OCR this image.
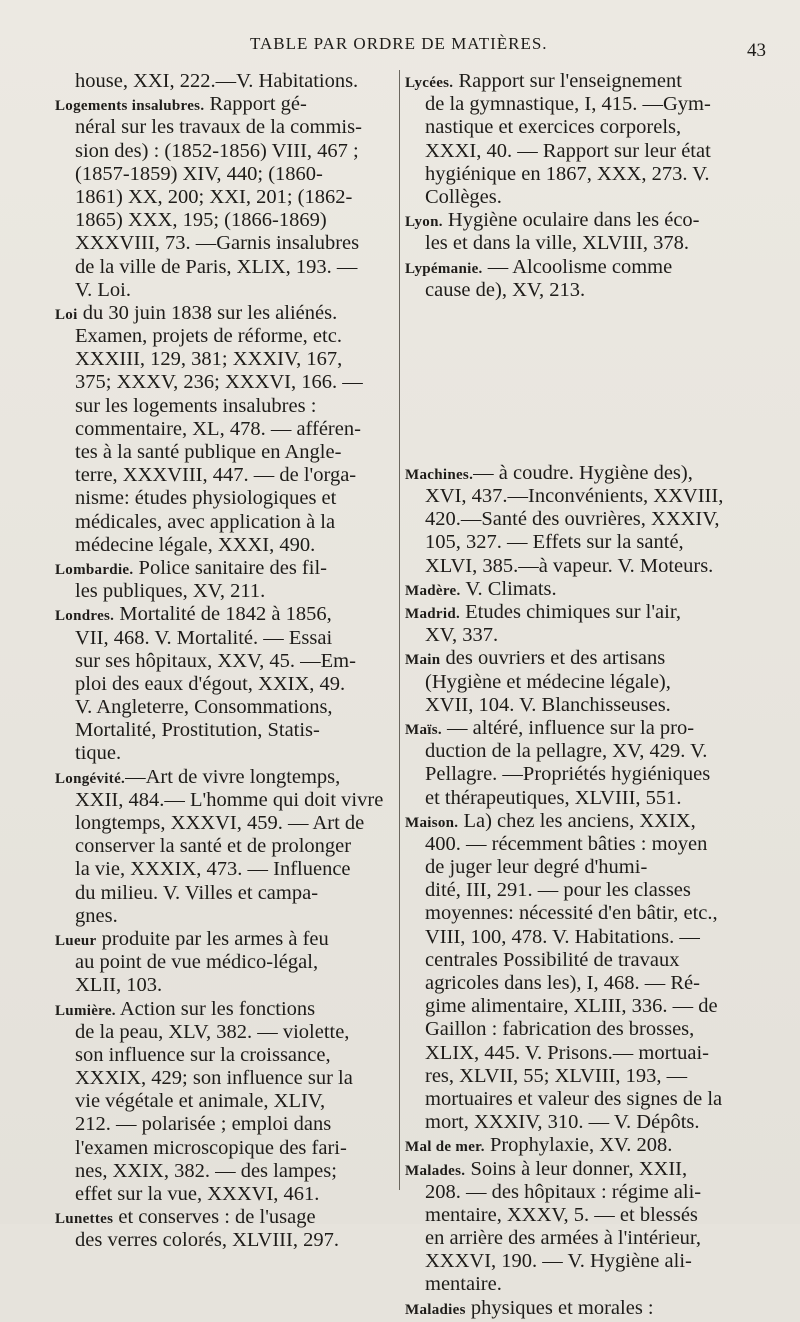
TABLE PAR ORDRE DE MATIÈRES.	43
house, XXI, 222.—V. Habitations.
Logements insalubres. Rapport gé-
néral sur les travaux de la commis-
sion des) : (1852-1856) VIII, 467 ;
(1857-1859) XIV, 440; (1860-
1861) XX, 200; XXI, 201; (1862-
1865) XXX, 195; (1866-1869)
XXXVIII, 73. —Garnis insalubres
de la ville de Paris, XLIX, 193. —
V. Loi.
Loi du 30 juin 1838 sur les aliénés.
Examen, projets de réforme, etc.
XXXIII, 129, 381; XXXIV, 167,
375; XXXV, 236; XXXVI, 166. —
sur les logements insalubres :
commentaire, XL, 478. — afféren-
tes à la santé publique en Angle-
terre, XXXVIII, 447. — de l'orga-
nisme: études physiologiques et
médicales, avec application à la
médecine légale, XXXI, 490.
Lombardie. Police sanitaire des fil-
les publiques, XV, 211.
Londres. Mortalité de 1842 à 1856,
VII, 468. V. Mortalité. — Essai
sur ses hôpitaux, XXV, 45. —Em-
ploi des eaux d'égout, XXIX, 49.
V. Angleterre, Consommations,
Mortalité, Prostitution, Statis-
tique.
Longévité.—Art de vivre longtemps,
XXII, 484.— L'homme qui doit vivre
longtemps, XXXVI, 459. — Art de
conserver la santé et de prolonger
la vie, XXXIX, 473. — Influence
du milieu. V. Villes et campa-
gnes.
Lueur produite par les armes à feu
au point de vue médico-légal,
XLII, 103.
Lumière. Action sur les fonctions
de la peau, XLV, 382. — violette,
son influence sur la croissance,
XXXIX, 429; son influence sur la
vie végétale et animale, XLIV,
212. — polarisée ; emploi dans
l'examen microscopique des fari-
nes, XXIX, 382. — des lampes;
effet sur la vue, XXXVI, 461.
Lunettes et conserves : de l'usage
des verres colorés, XLVIII, 297.
Lycées. Rapport sur l'enseignement
de la gymnastique, I, 415. —Gym-
nastique et exercices corporels,
XXXI, 40. — Rapport sur leur état
hygiénique en 1867, XXX, 273. V.
Collèges.
Lyon. Hygiène oculaire dans les éco-
les et dans la ville, XLVIII, 378.
Lypémanie. — Alcoolisme comme
cause de), XV, 213.
Machines.— à coudre. Hygiène des),
XVI, 437.—Inconvénients, XXVIII,
420.—Santé des ouvrières, XXXIV,
105, 327. — Effets sur la santé,
XLVI, 385.—à vapeur. V. Moteurs.
Madère. V. Climats.
Madrid. Etudes chimiques sur l'air,
XV, 337.
Main des ouvriers et des artisans
(Hygiène et médecine légale),
XVII, 104. V. Blanchisseuses.
Maïs. — altéré, influence sur la pro-
duction de la pellagre, XV, 429. V.
Pellagre. —Propriétés hygiéniques
et thérapeutiques, XLVIII, 551.
Maison. La) chez les anciens, XXIX,
400. — récemment bâties : moyen
de juger leur degré d'humi-
dité, III, 291. — pour les classes
moyennes: nécessité d'en bâtir, etc.,
VIII, 100, 478. V. Habitations. —
centrales Possibilité de travaux
agricoles dans les), I, 468. — Ré-
gime alimentaire, XLIII, 336. — de
Gaillon : fabrication des brosses,
XLIX, 445. V. Prisons.— mortuai-
res, XLVII, 55; XLVIII, 193, —
mortuaires et valeur des signes de la
mort, XXXIV, 310. — V. Dépôts.
Mal de mer. Prophylaxie, XV. 208.
Malades. Soins à leur donner, XXII,
208. — des hôpitaux : régime ali-
mentaire, XXXV, 5. — et blessés
en arrière des armées à l'intérieur,
XXXVI, 190. — V. Hygiène ali-
mentaire.
Maladies physiques et morales :
